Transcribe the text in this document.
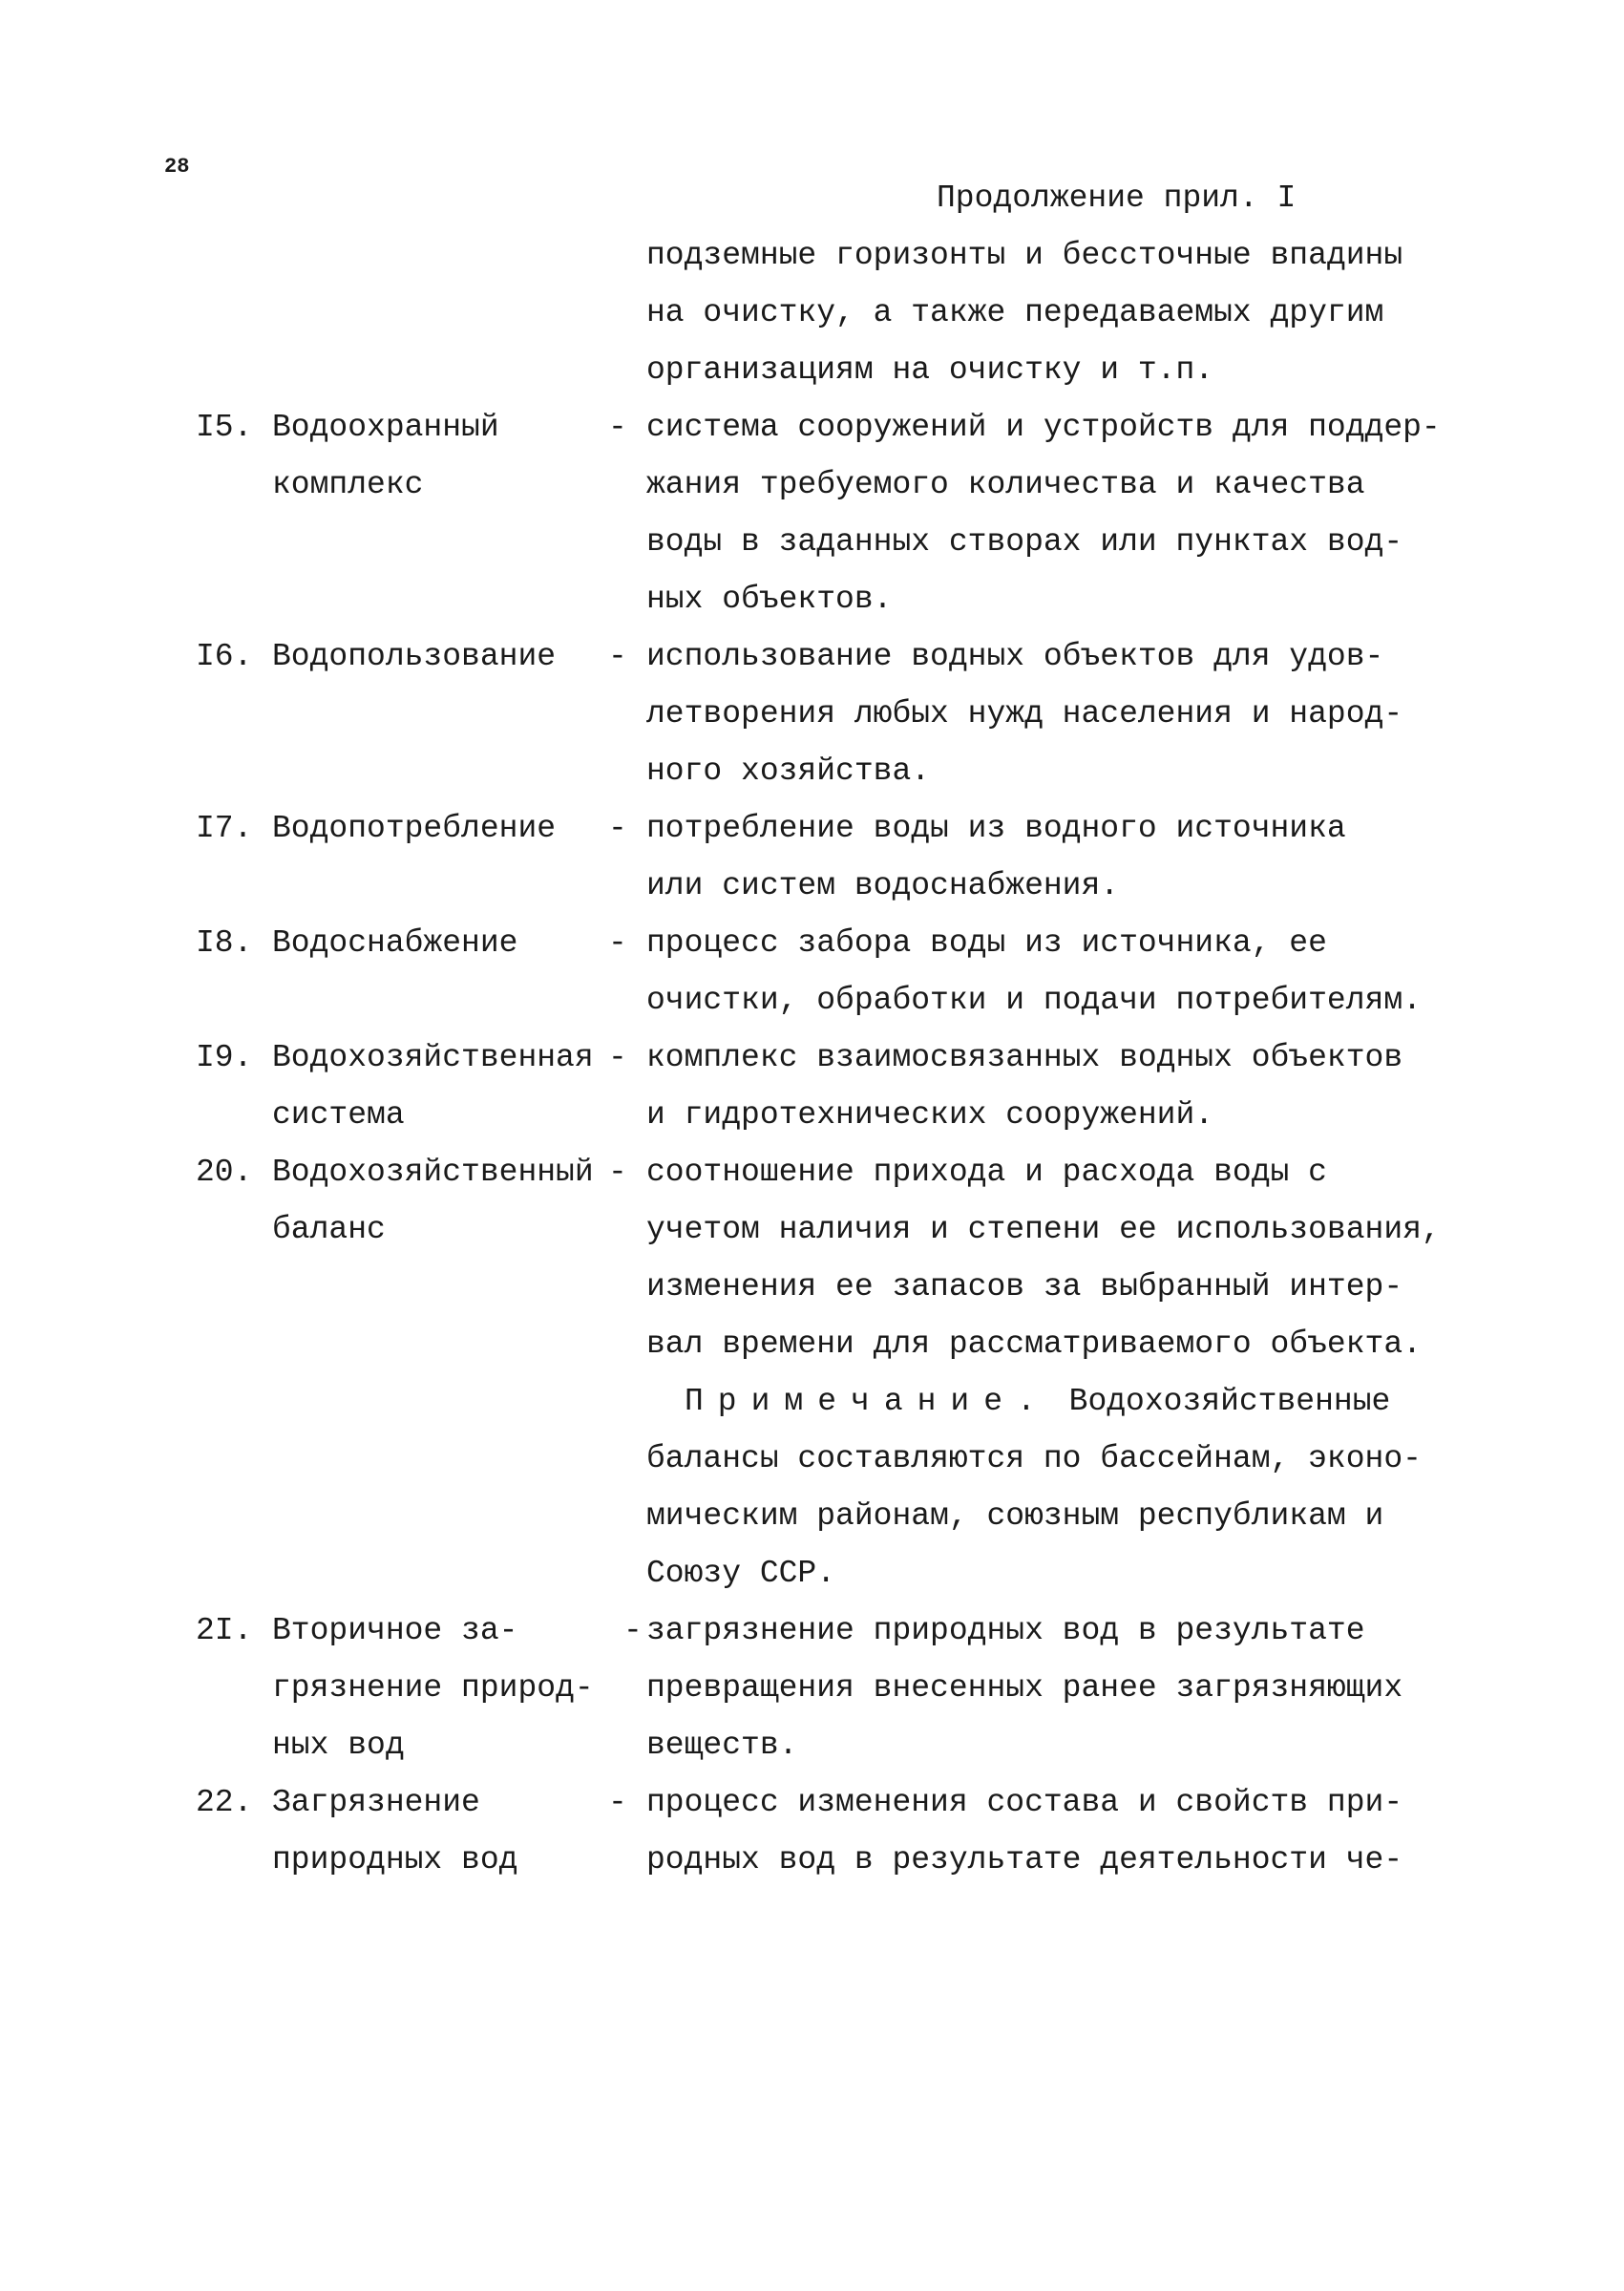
28
Продолжение прил. I
подземные горизонты и бессточные впадины
на очистку, а также передаваемых другим
организациям на очистку и т.п.
I5. Водоохранный
комплекс
- система сооружений и устройств для поддер-
жания требуемого количества и качества
воды в заданных створах или пунктах вод-
ных объектов.
I6. Водопользование	- использование водных объектов для удов-
летворения любых нужд населения и народ-
ного хозяйства.
I7. Водопотребление	- потребление воды из водного источника
или систем водоснабжения.
I8. Водоснабжение	- процесс забора воды из источника, ее
очистки, обработки и подачи потребителям.
I9. Водохозяйственная
система
- комплекс взаимосвязанных водных объектов
и гидротехнических сооружений.
20. Водохозяйственный
баланс
- соотношение прихода и расхода воды с
учетом наличия и степени ее использования,
изменения ее запасов за выбранный интер-
вал времени для рассматриваемого объекта.
Примечание. Водохозяйственные
балансы составляются по бассейнам, эконо-
мическим районам, союзным республикам и
Союзу ССР.
2I. Вторичное за-
грязнение природ-
ных вод
- загрязнение природных вод в результате
превращения внесенных ранее загрязняющих
веществ.
22. Загрязнение
природных вод
- процесс изменения состава и свойств при-
родных вод в результате деятельности че-
